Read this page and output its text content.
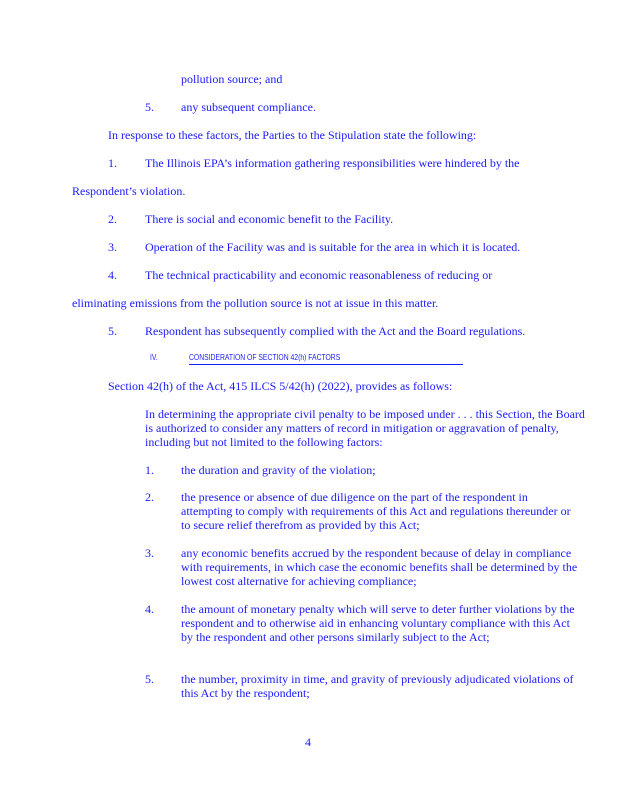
pollution source; and
5. any subsequent compliance.
In response to these factors, the Parties to the Stipulation state the following:
1. The Illinois EPA’s information gathering responsibilities were hindered by the
Respondent’s violation.
2. There is social and economic benefit to the Facility.
3. Operation of the Facility was and is suitable for the area in which it is located.
4. The technical practicability and economic reasonableness of reducing or
eliminating emissions from the pollution source is not at issue in this matter.
5. Respondent has subsequently complied with the Act and the Board regulations.
IV.	CONSIDERATION OF SECTION 42(h) FACTORS
Section 42(h) of the Act, 415 ILCS 5/42(h) (2022), provides as follows:
In determining the appropriate civil penalty to be imposed under . . . this Section, the Board is authorized to consider any matters of record in mitigation or aggravation of penalty, including but not limited to the following factors:
1. the duration and gravity of the violation;
2. the presence or absence of due diligence on the part of the respondent in attempting to comply with requirements of this Act and regulations thereunder or to secure relief therefrom as provided by this Act;
3. any economic benefits accrued by the respondent because of delay in compliance with requirements, in which case the economic benefits shall be determined by the lowest cost alternative for achieving compliance;
4. the amount of monetary penalty which will serve to deter further violations by the respondent and to otherwise aid in enhancing voluntary compliance with this Act by the respondent and other persons similarly subject to the Act;
5. the number, proximity in time, and gravity of previously adjudicated violations of this Act by the respondent;
4
